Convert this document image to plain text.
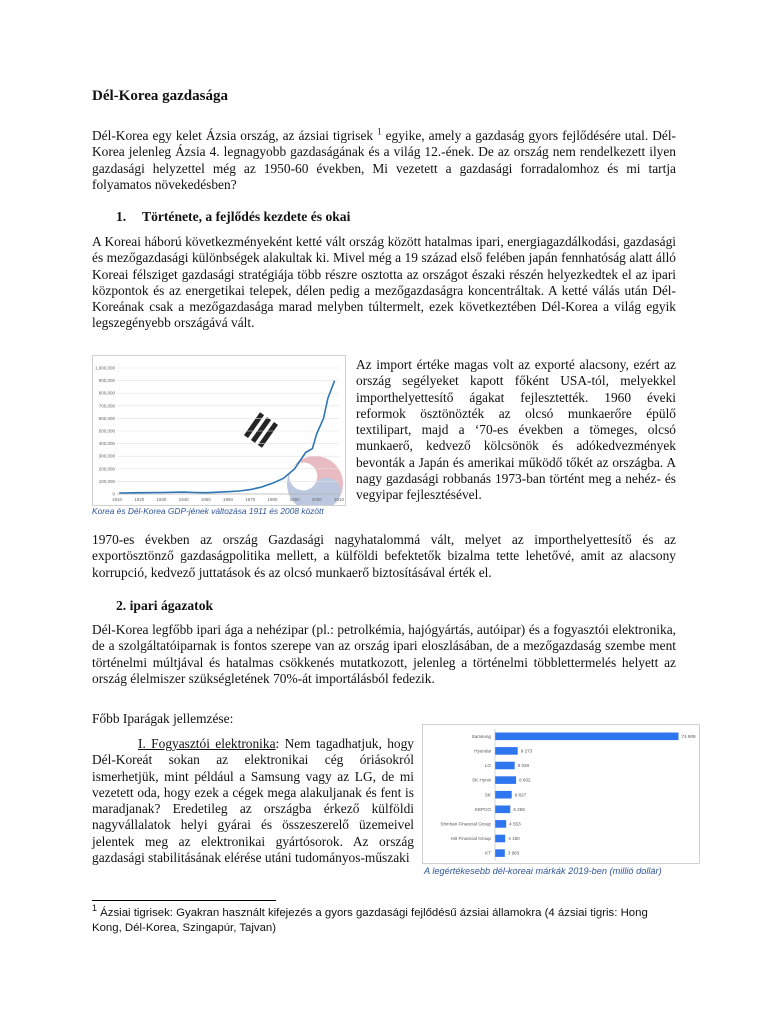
Dél-Korea gazdasága
Dél-Korea egy kelet Ázsia ország, az ázsiai tigrisek $^1$ egyike, amely a gazdaság gyors fejlődésére utal. Dél-Korea jelenleg Ázsia 4. legnagyobb gazdaságának és a világ 12.-ének. De az ország nem rendelkezett ilyen gazdasági helyzettel még az 1950-60 években, Mi vezetett a gazdasági forradalomhoz és mi tartja folyamatos növekedésben?
1. Története, a fejlődés kezdete és okai
A Koreai háború következményeként ketté vált ország között hatalmas ipari, energiagazdálkodási, gazdasági és mezőgazdasági különbségek alakultak ki. Mivel még a 19 század első felében japán fennhatóság alatt álló Koreai félsziget gazdasági stratégiája több részre osztotta az országot északi részén helyezkedtek el az ipari központok és az energetikai telepek, délen pedig a mezőgazdaságra koncentráltak. A ketté válás után Dél-Koreának csak a mezőgazdasága marad melyben túltermelt, ezek következtében Dél-Korea a világ egyik legszegényebb országává vált.
1,000,000
900,000
800,000
700,000
600,000
500,000
400,000
300,000
200,000
100,000
0
1910	1920	1930	1940	1950	1960	1970	1980	1990	2000	2010
Korea és Dél-Korea GDP-jének változása 1911 és 2008 között
Az import értéke magas volt az exporté alacsony, ezért az ország segélyeket kapott főként USA-tól, melyekkel importhelyettesítő ágakat fejlesztették. 1960 éveki reformok ösztönözték az olcsó munkaerőre épülő textilipart, majd a ‘70-es években a tömeges, olcsó munkaerő, kedvező kölcsönök és adókedvezmények bevonták a Japán és amerikai működő tőkét az országba. A nagy gazdasági robbanás 1973-ban történt meg a nehéz- és vegyipar fejlesztésével.
1970-es években az ország Gazdasági nagyhatalommá vált, melyet az importhelyettesítő és az exportösztönző gazdaságpolitika mellett, a külföldi befektetők bizalma tette lehetővé, amit az alacsony korrupció, kedvező juttatások és az olcsó munkaerő biztosításával érték el.
2. ipari ágazatok
Dél-Korea legfőbb ipari ága a nehézipar (pl.: petrolkémia, hajógyártás, autóipar) és a fogyasztói elektronika, de a szolgáltatóiparnak is fontos szerepe van az ország ipari eloszlásában, de a mezőgazdaság szembe ment történelmi múltjával és hatalmas csökkenés mutatkozott, jelenleg a történelmi többlettermelés helyett az ország élelmiszer szükségletének 70%-át importálásból fedezik.
Főbb Iparágak jellemzése:
I. Fogyasztói elektronika: Nem tagadhatjuk, hogy Dél-Koreát sokan az elektronikai cég óriásokról ismerhetjük, mint például a Samsung vagy az LG, de mi vezetett oda, hogy ezek a cégek mega alakuljanak és fent is maradjanak? Eredetileg az országba érkező külföldi nagyvállalatok helyi gyárai és összeszerelő üzemeivel jelentek meg az elektronikai gyártósorok. Az ország gazdasági stabilitásának elérése utáni tudományos-műszaki
Samsung	74 909
Hyundai	9 273
LG	8 030
SK Hynix	8 602
SK	6 827
KEPCO	6 258
Shinhan Financial Group	4 553
KB Financial Group	4 180
KT	3 983
A legértékesebb dél-koreai márkák 2019-ben (millió dollár)
$^1$ Ázsiai tigrisek: Gyakran használt kifejezés a gyors gazdasági fejlődésű ázsiai államokra (4 ázsiai tigris: Hong Kong, Dél-Korea, Szingapúr, Tajvan)
